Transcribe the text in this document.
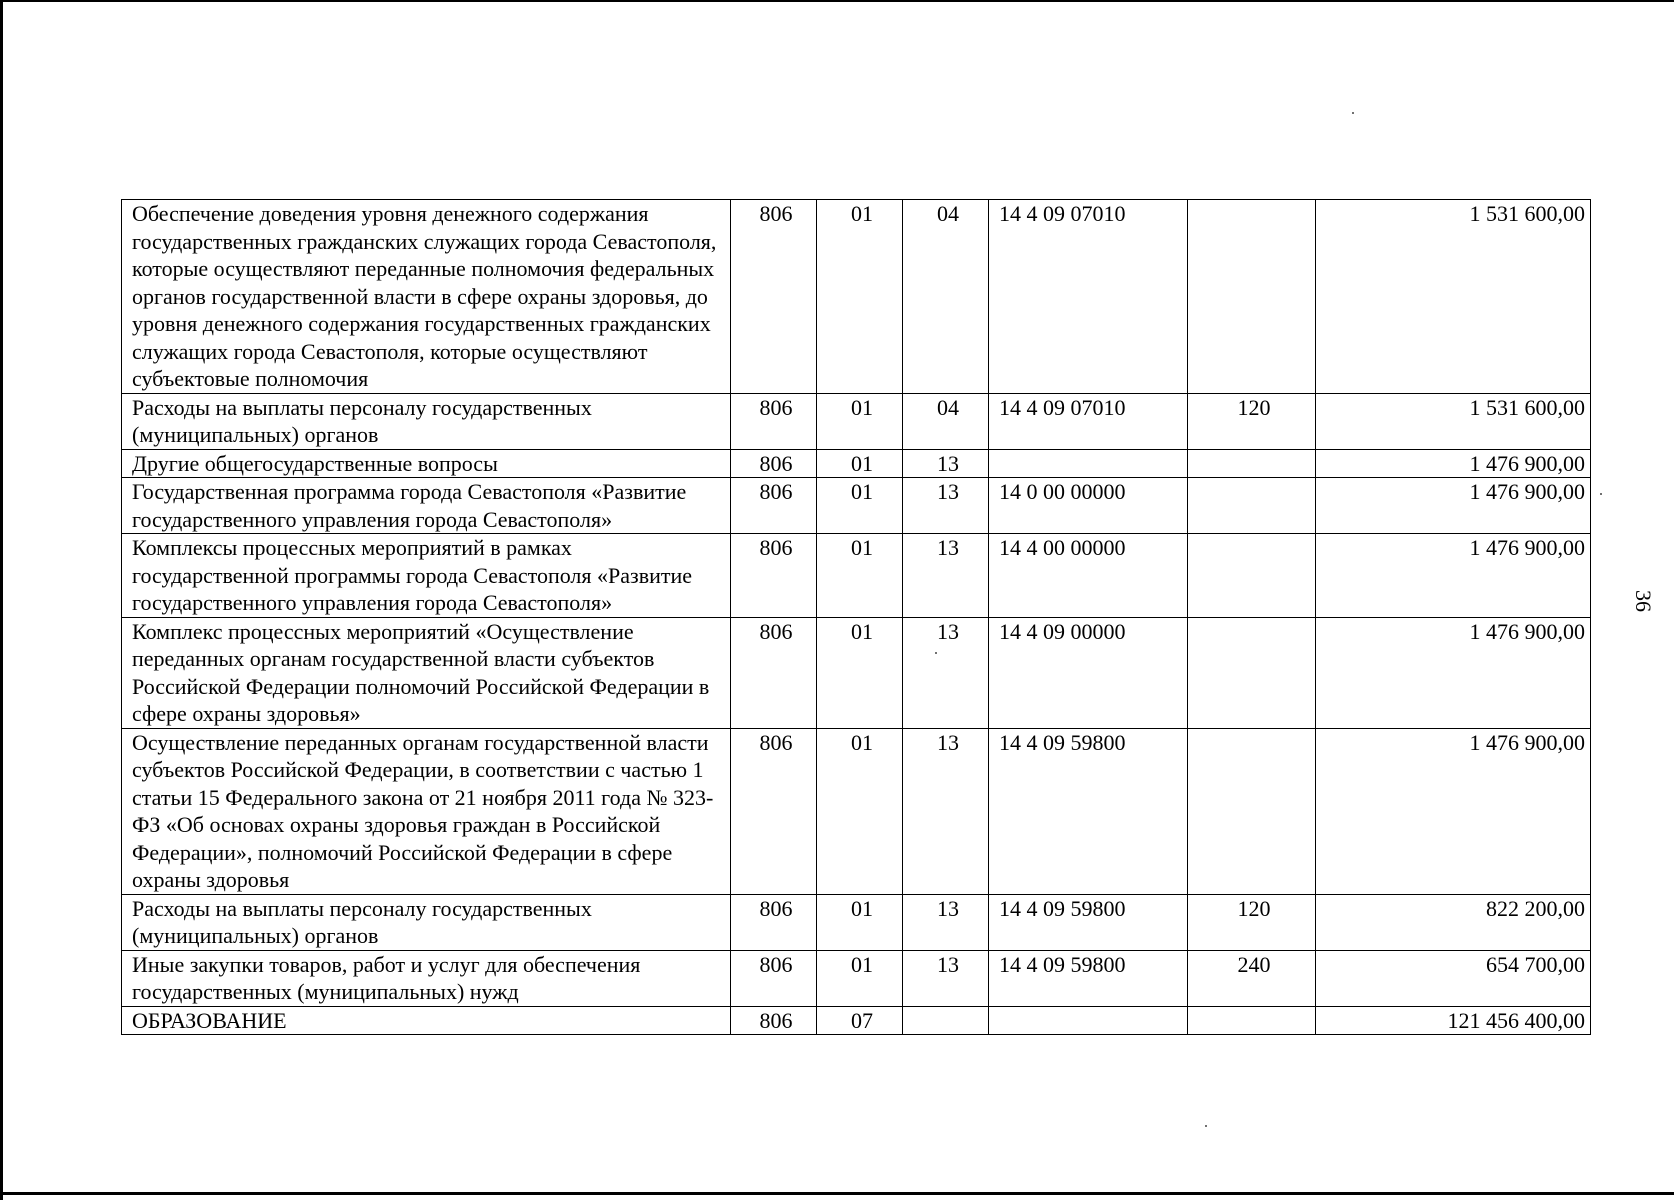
36
Обеспечение доведения уровня денежного содержания государственных гражданских служащих города Севастополя, которые осуществляют переданные полномочия федеральных органов государственной власти в сфере охраны здоровья, до уровня денежного содержания государственных гражданских служащих города Севастополя, которые осуществляют субъектовые полномочия	806	01	04	14 4 09 07010		1 531 600,00
Расходы на выплаты персоналу государственных (муниципальных) органов	806	01	04	14 4 09 07010	120	1 531 600,00
Другие общегосударственные вопросы	806	01	13			1 476 900,00
Государственная программа города Севастополя «Развитие государственного управления города Севастополя»	806	01	13	14 0 00 00000		1 476 900,00
Комплексы процессных мероприятий в рамках государственной программы города Севастополя «Развитие государственного управления города Севастополя»	806	01	13	14 4 00 00000		1 476 900,00
Комплекс процессных мероприятий «Осуществление переданных органам государственной власти субъектов Российской Федерации полномочий Российской Федерации в сфере охраны здоровья»	806	01	13	14 4 09 00000		1 476 900,00
Осуществление переданных органам государственной власти субъектов Российской Федерации, в соответствии с частью 1 статьи 15 Федерального закона от 21 ноября 2011 года № 323-ФЗ «Об основах охраны здоровья граждан в Российской Федерации», полномочий Российской Федерации в сфере охраны здоровья	806	01	13	14 4 09 59800		1 476 900,00
Расходы на выплаты персоналу государственных (муниципальных) органов	806	01	13	14 4 09 59800	120	822 200,00
Иные закупки товаров, работ и услуг для обеспечения государственных (муниципальных) нужд	806	01	13	14 4 09 59800	240	654 700,00
ОБРАЗОВАНИЕ	806	07				121 456 400,00
